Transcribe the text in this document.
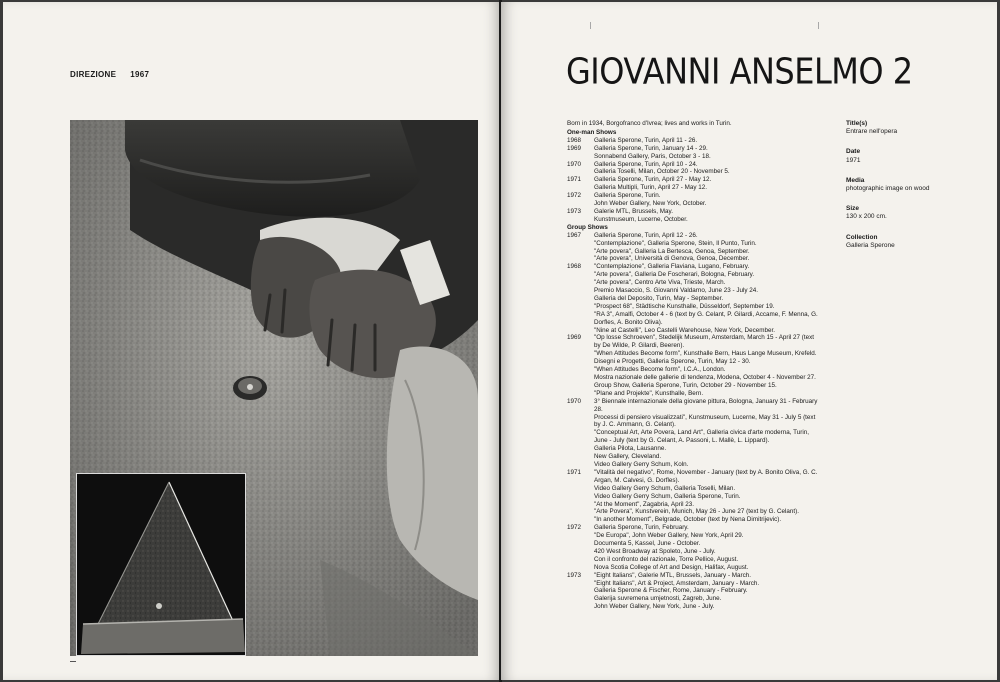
DIREZIONE 1967	GIOVANNI ANSELMO 2
Born in 1934, Borgofranco d'Ivrea; lives and works in Turin.
One-man Shows
1968	Galleria Sperone, Turin, April 11 - 26.
1969	Galleria Sperone, Turin, January 14 - 29.
Sonnabend Gallery, Paris, October 3 - 18.
1970	Galleria Sperone, Turin, April 10 - 24.
Galleria Toselli, Milan, October 20 - November 5.
1971	Galleria Sperone, Turin, April 27 - May 12.
Galleria Multipli, Turin, April 27 - May 12.
1972	Galleria Sperone, Turin.
John Weber Gallery, New York, October.
1973	Galerie MTL, Brussels, May.
Kunstmuseum, Lucerne, October.
Group Shows
1967	Galleria Sperone, Turin, April 12 - 26.
"Contemplazione", Galleria Sperone, Stein, Il Punto, Turin.
"Arte povera", Galleria La Bertesca, Genoa, September.
"Arte povera", Università di Genova, Genoa, December.
1968	"Contemplazione", Galleria Flaviana, Lugano, February.
"Arte povera", Galleria De Foscherari, Bologna, February.
"Arte povera", Centro Arte Viva, Trieste, March.
Premio Masaccio, S. Giovanni Valdarno, June 23 - July 24.
Galleria del Deposito, Turin, May - September.
"Prospect 68", Städtische Kunsthalle, Düsseldorf, September 19.
"RA 3", Amalfi, October 4 - 6 (text by G. Celant, P. Gilardi, Accame, F. Menna, G. Dorfles, A. Bonito Oliva).
"Nine at Castelli", Leo Castelli Warehouse, New York, December.
1969	"Op losse Schroeven", Stedelijk Museum, Amsterdam, March 15 - April 27 (text by De Wilde, P. Gilardi, Beeren).
"When Attitudes Become form", Kunsthalle Bern, Haus Lange Museum, Krefeld.
Disegni e Progetti, Galleria Sperone, Turin, May 12 - 30.
"When Attitudes Become form", I.C.A., London.
Mostra nazionale delle gallerie di tendenza, Modena, October 4 - November 27.
Group Show, Galleria Sperone, Turin, October 29 - November 15.
"Plane and Projekte", Kunsthalle, Bern.
1970	3° Biennale internazionale della giovane pittura, Bologna, January 31 - February 28.
Processi di pensiero visualizzati", Kunstmuseum, Lucerne, May 31 - July 5 (text by J. C. Ammann, G. Celant).
"Conceptual Art, Arte Povera, Land Art", Galleria civica d'arte moderna, Turin, June - July (text by G. Celant, A. Passoni, L. Mallè, L. Lippard).
Galleria Pilota, Lausanne.
New Gallery, Cleveland.
Video Gallery Gerry Schum, Koln.
1971	"Vitalità del negativo", Rome, November - January (text by A. Bonito Oliva, G. C. Argan, M. Calvesi, G. Dorfles).
Video Gallery Gerry Schum, Galleria Toselli, Milan.
Video Gallery Gerry Schum, Galleria Sperone, Turin.
"At the Moment", Zagabria, April 23.
"Arte Povera", Kunstverein, Munich, May 26 - June 27 (text by G. Celant).
"In another Moment", Belgrade, October (text by Nena Dimitrijevic).
1972	Galleria Sperone, Turin, February.
"De Europa", John Weber Gallery, New York, April 29.
Documenta 5, Kassel, June - October.
420 West Broadway at Spoleto, June - July.
Con il confronto del razionale, Torre Pellice, August.
Nova Scotia College of Art and Design, Halifax, August.
1973	"Eight Italians", Galerie MTL, Brussels, January - March.
"Eight Italians", Art & Project, Amsterdam, January - March.
Galleria Sperone & Fischer, Rome, January - February.
Galerija suvremena umjetnosti, Zagreb, June.
John Weber Gallery, New York, June - July.
Title(s)
Entrare nell'opera
Date
1971
Media
photographic image on wood
Size
130 x 200 cm.
Collection
Galleria Sperone
